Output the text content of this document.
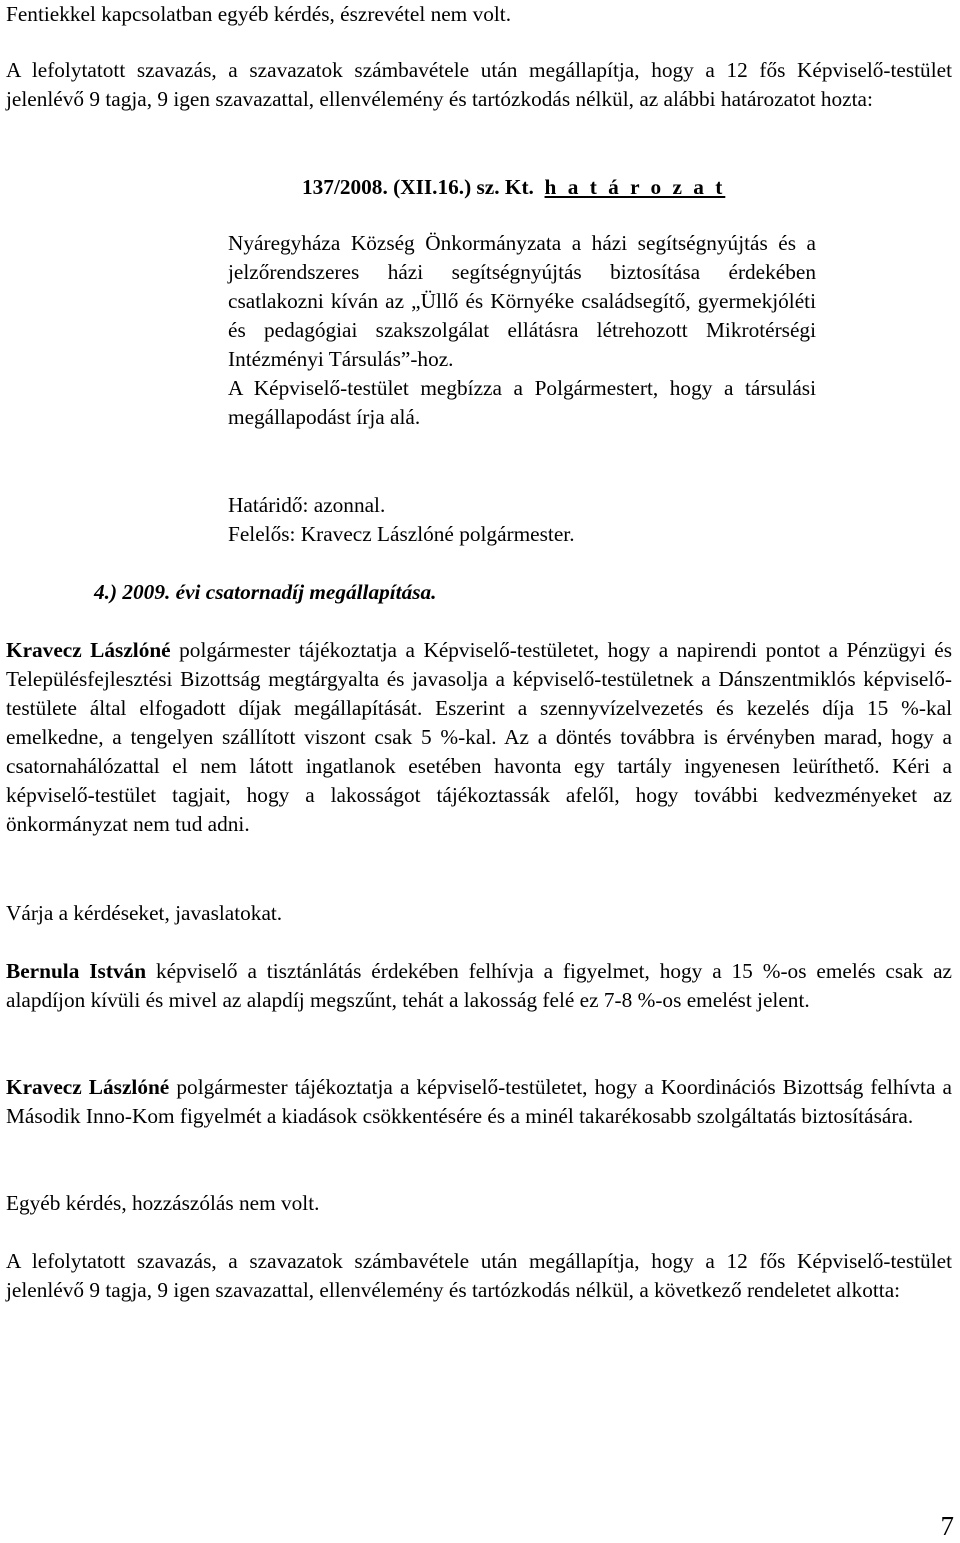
Fentiekkel kapcsolatban egyéb kérdés, észrevétel nem volt.

A lefolytatott szavazás, a szavazatok számbavétele után megállapítja, hogy a 12 fős Képviselő-testület jelenlévő 9 tagja, 9 igen szavazattal, ellenvélemény és tartózkodás nélkül, az alábbi határozatot hozta:

137/2008. (XII.16.) sz. Kt. h a t á r o z a t

Nyáregyháza Község Önkormányzata a házi segítségnyújtás és a jelzőrendszeres házi segítségnyújtás biztosítása érdekében csatlakozni kíván az „Üllő és Környéke családsegítő, gyermekjóléti és pedagógiai szakszolgálat ellátásra létrehozott Mikrotérségi Intézményi Társulás”-hoz.

A Képviselő-testület megbízza a Polgármestert, hogy a társulási megállapodást írja alá.

Határidő: azonnal.

Felelős: Kravecz Lászlóné polgármester.

4.) 2009. évi csatornadíj megállapítása.

Kravecz Lászlóné polgármester tájékoztatja a Képviselő-testületet, hogy a napirendi pontot a Pénzügyi és Településfejlesztési Bizottság megtárgyalta és javasolja a képviselő-testületnek a Dánszentmiklós képviselő-testülete által elfogadott díjak megállapítását. Eszerint a szennyvízelvezetés és kezelés díja 15 %-kal emelkedne, a tengelyen szállított viszont csak 5 %-kal. Az a döntés továbbra is érvényben marad, hogy a csatornahálózattal el nem látott ingatlanok esetében havonta egy tartály ingyenesen leüríthető. Kéri a képviselő-testület tagjait, hogy a lakosságot tájékoztassák afelől, hogy további kedvezményeket az önkormányzat nem tud adni.

Várja a kérdéseket, javaslatokat.

Bernula István képviselő a tisztánlátás érdekében felhívja a figyelmet, hogy a 15 %-os emelés csak az alapdíjon kívüli és mivel az alapdíj megszűnt, tehát a lakosság felé ez 7-8 %-os emelést jelent.

Kravecz Lászlóné polgármester tájékoztatja a képviselő-testületet, hogy a Koordinációs Bizottság felhívta a Második Inno-Kom figyelmét a kiadások csökkentésére és a minél takarékosabb szolgáltatás biztosítására.

Egyéb kérdés, hozzászólás nem volt.

A lefolytatott szavazás, a szavazatok számbavétele után megállapítja, hogy a 12 fős Képviselő-testület jelenlévő 9 tagja, 9 igen szavazattal, ellenvélemény és tartózkodás nélkül, a következő rendeletet alkotta:

7
